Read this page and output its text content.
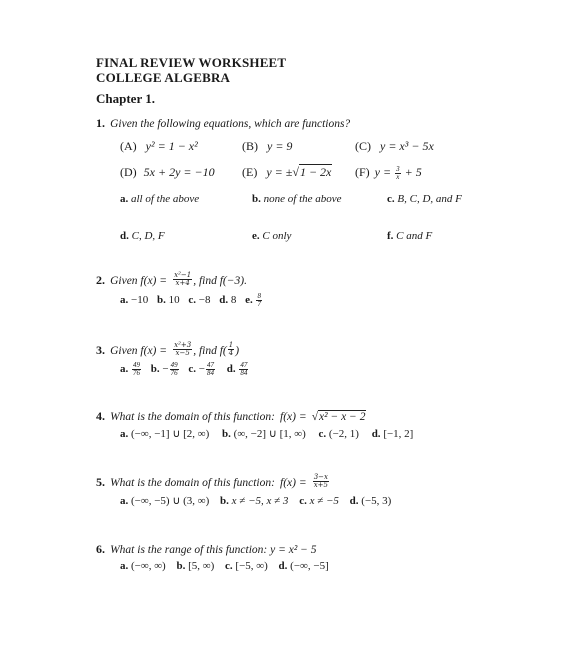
FINAL REVIEW WORKSHEET
COLLEGE ALGEBRA
Chapter 1.
1. Given the following equations, which are functions?
(A) y² = 1 − x²	(B) y = 9	(C) y = x³ − 5x
(D) 5x + 2y = −10 (E) y = ±√1 − 2x (F) $y = \frac{3}{x} + 5$
a. all of the above	b. none of the above	c. B, C, D, and F
d. C, D, F	e. C only	f. C and F
2. Given $f(x) = \frac{\text{x²−1}}{x+4}$ , find f(−3).
a. −10 b. 10 c. −8 d. 8 e. $\frac{8}{7}$
3. Given $f(x) = \frac{\text{x²+3}}{x-5}$ , find $f( \frac{1}{4}$ )
a. $\frac{49}{76} b$. − $\frac{49}{76} c$. − $\frac{47}{84} d$. $\frac{47}{84}$
4. What is the domain of this function: f(x) = √x² − x − 2
a. (−∞, −1] ∪ [2, ∞) b. (∞, −2] ∪ [1, ∞) c. (−2, 1) d. [−1, 2]
5. What is the domain of this function: $f(x) = \frac{3-x}{x+5}$
a. (−∞, −5) ∪ (3, ∞) b. x ≠ −5, x ≠ 3 c. x ≠ −5 d. (−5, 3)
6. What is the range of this function: y = x² − 5
a. (−∞, ∞) b. [5, ∞) c. [−5, ∞) d. (−∞, −5]
